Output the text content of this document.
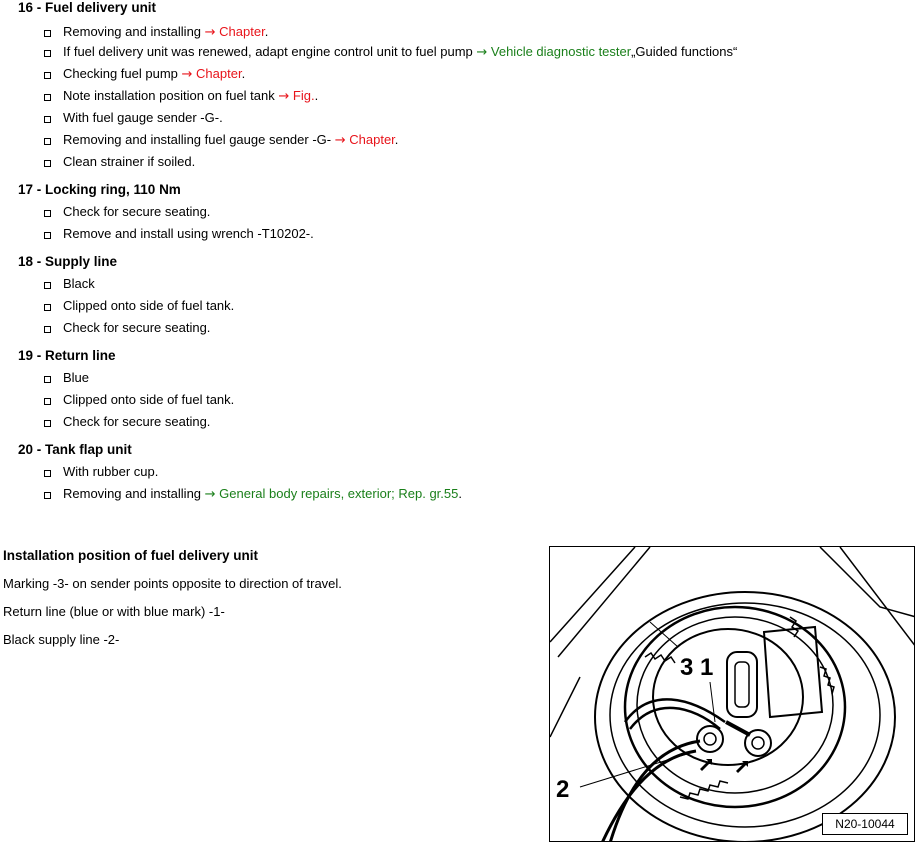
16 - Fuel delivery unit
Removing and installing → Chapter.
If fuel delivery unit was renewed, adapt engine control unit to fuel pump → Vehicle diagnostic tester„Guided functions“
Checking fuel pump → Chapter.
Note installation position on fuel tank → Fig..
With fuel gauge sender -G-.
Removing and installing fuel gauge sender -G- → Chapter.
Clean strainer if soiled.
17 - Locking ring, 110 Nm
Check for secure seating.
Remove and install using wrench -T10202-.
18 - Supply line
Black
Clipped onto side of fuel tank.
Check for secure seating.
19 - Return line
Blue
Clipped onto side of fuel tank.
Check for secure seating.
20 - Tank flap unit
With rubber cup.
Removing and installing → General body repairs, exterior; Rep. gr.55.
Installation position of fuel delivery unit
Marking -3- on sender points opposite to direction of travel.
Return line (blue or with blue mark) -1-
Black supply line -2-
3 1
2
N20-10044
